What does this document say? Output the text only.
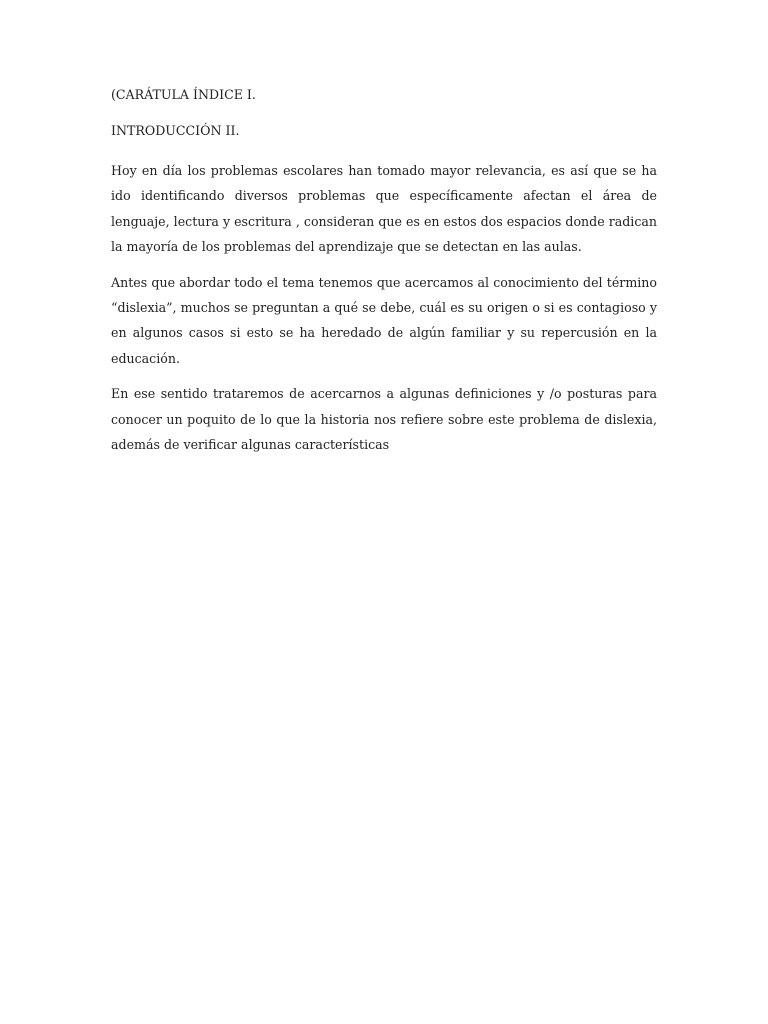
(CARÁTULA ÍNDICE I.

INTRODUCCIÓN II.

Hoy en día los problemas escolares han tomado mayor relevancia, es así que se ha ido identificando diversos problemas que específicamente afectan el área de lenguaje, lectura y escritura , consideran que es en estos dos espacios donde radican la mayoría de los problemas del aprendizaje que se detectan en las aulas.

Antes que abordar todo el tema tenemos que acercamos al conocimiento del término “dislexia”, muchos se preguntan a qué se debe, cuál es su origen o si es contagioso y en algunos casos si esto se ha heredado de algún familiar y su repercusión en la educación.

En ese sentido trataremos de acercarnos a algunas definiciones y /o posturas para conocer un poquito de lo que la historia nos refiere sobre este problema de dislexia, además de verificar algunas características
